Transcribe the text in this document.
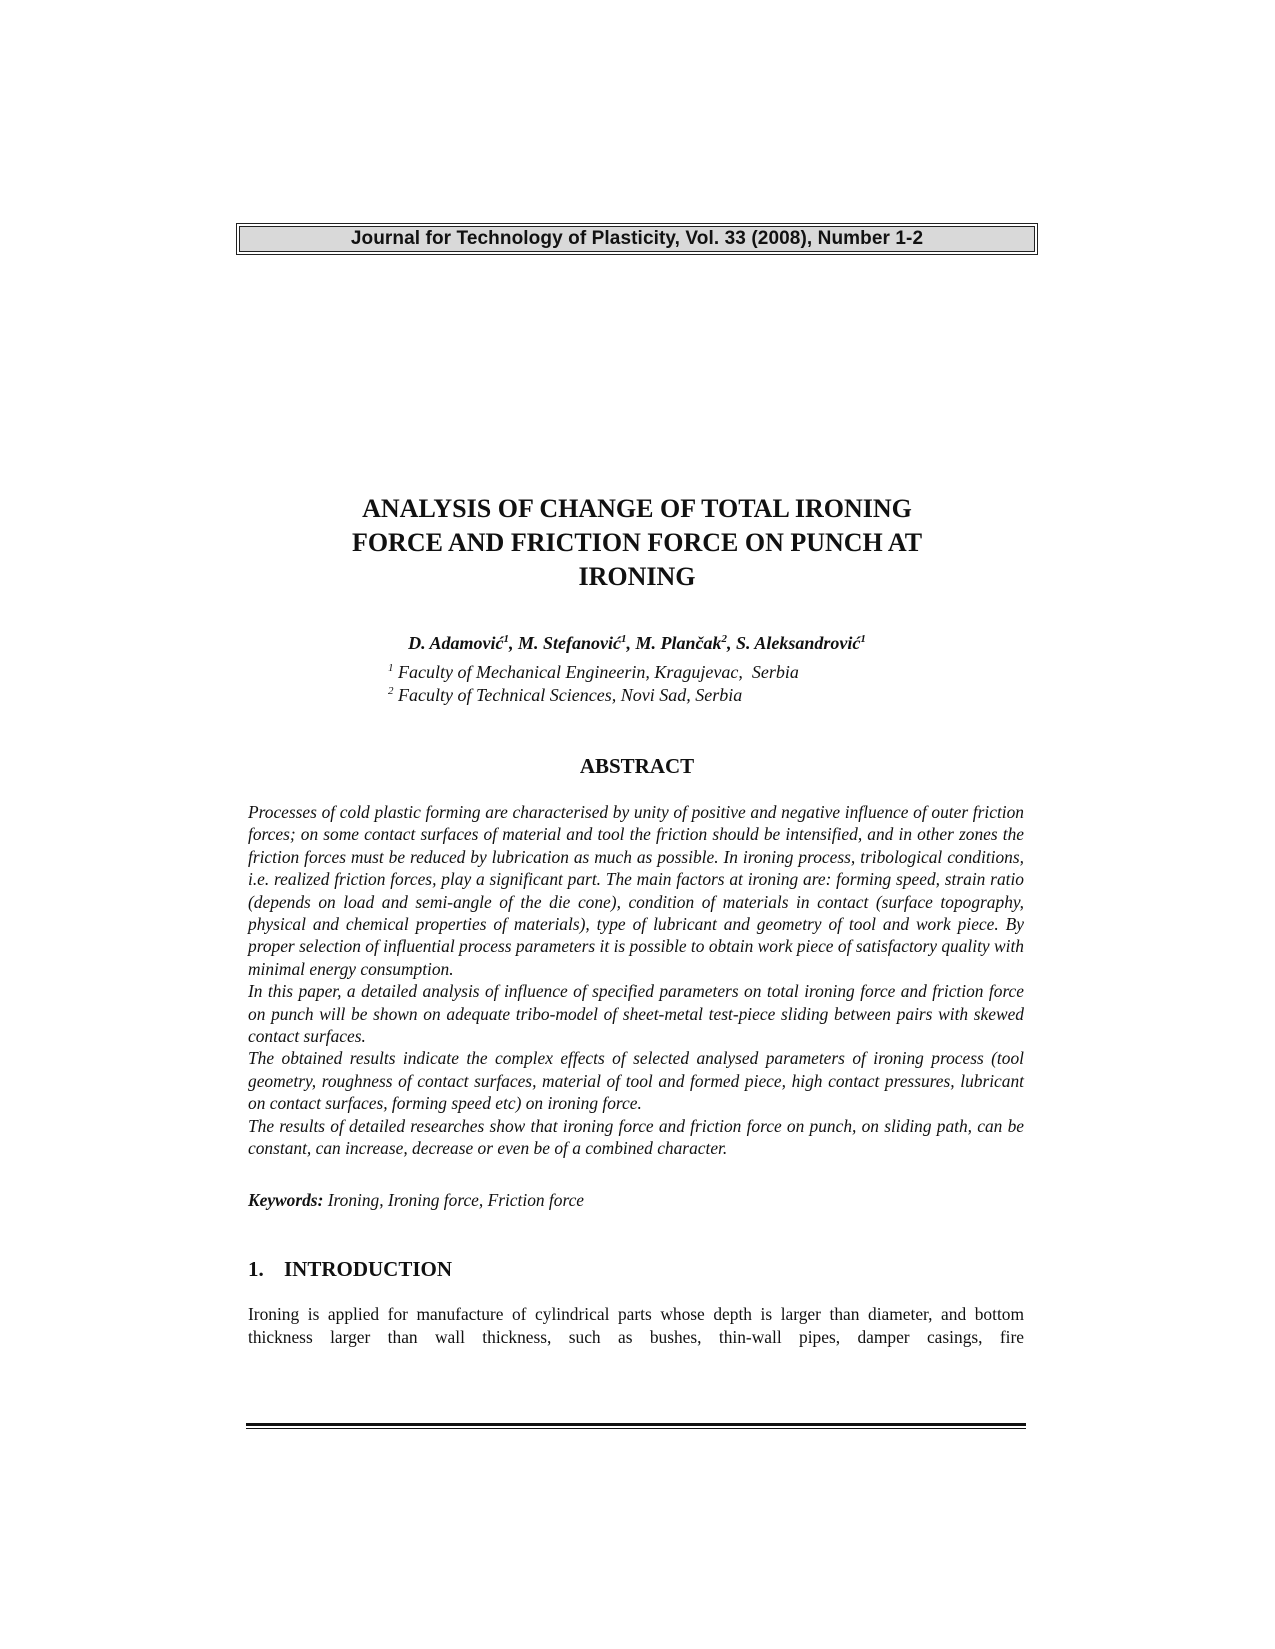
Journal for Technology of Plasticity, Vol. 33 (2008), Number 1-2
ANALYSIS OF CHANGE OF TOTAL IRONING
FORCE AND FRICTION FORCE ON PUNCH AT
IRONING
D. Adamović$^1$, M. Stefanović$^1$, M. Plančak$^2$, S. Aleksandrović$^1$
$^1$ Faculty of Mechanical Engineerin, Kragujevac,  Serbia
$^2$ Faculty of Technical Sciences, Novi Sad, Serbia
ABSTRACT

Processes of cold plastic forming are characterised by unity of positive and negative influence of outer friction forces; on some contact surfaces of material and tool the friction should be intensified, and in other zones the friction forces must be reduced by lubrication as much as possible. In ironing process, tribological conditions, i.e. realized friction forces, play a significant part. The main factors at ironing are: forming speed, strain ratio (depends on load and semi-angle of the die cone), condition of materials in contact (surface topography, physical and chemical properties of materials), type of lubricant and geometry of tool and work piece. By proper selection of influential process parameters it is possible to obtain work piece of satisfactory quality with minimal energy consumption.

In this paper, a detailed analysis of influence of specified parameters on total ironing force and friction force on punch will be shown on adequate tribo-model of sheet-metal test-piece sliding between pairs with skewed contact surfaces.

The obtained results indicate the complex effects of selected analysed parameters of ironing process (tool geometry, roughness of contact surfaces, material of tool and formed piece, high contact pressures, lubricant on contact surfaces, forming speed etc) on ironing force.

The results of detailed researches show that ironing force and friction force on punch, on sliding path, can be constant, can increase, decrease or even be of a combined character.

Keywords: Ironing, Ironing force, Friction force
1. INTRODUCTION

Ironing is applied for manufacture of cylindrical parts whose depth is larger than diameter, and bottom thickness larger than wall thickness, such as bushes, thin-wall pipes, damper casings, fire
